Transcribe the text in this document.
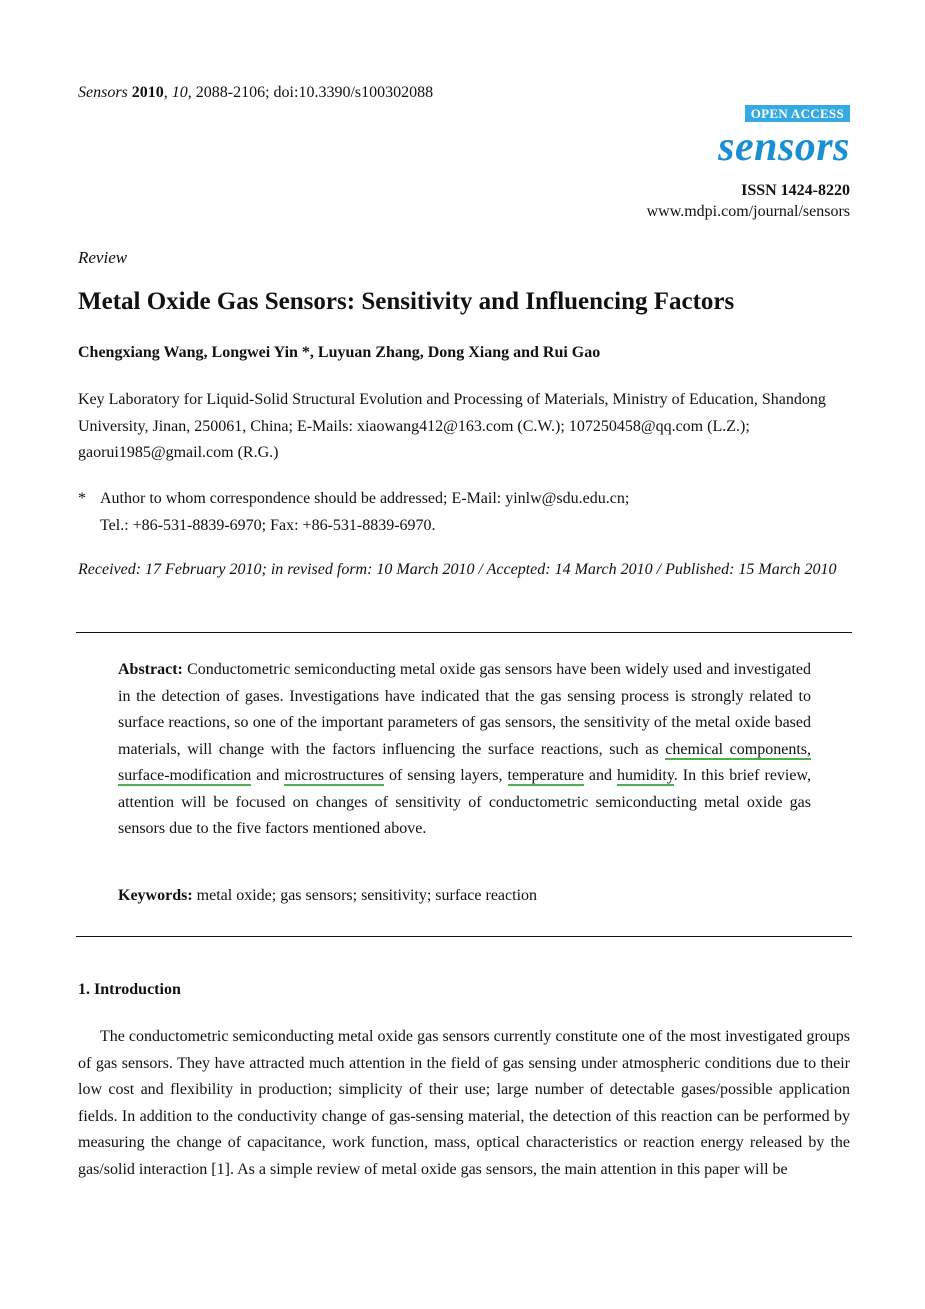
Sensors 2010, 10, 2088-2106; doi:10.3390/s100302088
OPEN ACCESS
sensors
ISSN 1424-8220
www.mdpi.com/journal/sensors
Review
Metal Oxide Gas Sensors: Sensitivity and Influencing Factors
Chengxiang Wang, Longwei Yin *, Luyuan Zhang, Dong Xiang and Rui Gao
Key Laboratory for Liquid-Solid Structural Evolution and Processing of Materials, Ministry of Education, Shandong University, Jinan, 250061, China; E-Mails: xiaowang412@163.com (C.W.); 107250458@qq.com (L.Z.); gaorui1985@gmail.com (R.G.)
* Author to whom correspondence should be addressed; E-Mail: yinlw@sdu.edu.cn;
Tel.: +86-531-8839-6970; Fax: +86-531-8839-6970.
Received: 17 February 2010; in revised form: 10 March 2010 / Accepted: 14 March 2010 / Published: 15 March 2010
Abstract: Conductometric semiconducting metal oxide gas sensors have been widely used and investigated in the detection of gases. Investigations have indicated that the gas sensing process is strongly related to surface reactions, so one of the important parameters of gas sensors, the sensitivity of the metal oxide based materials, will change with the factors influencing the surface reactions, such as chemical components, surface-modification and microstructures of sensing layers, temperature and humidity. In this brief review, attention will be focused on changes of sensitivity of conductometric semiconducting metal oxide gas sensors due to the five factors mentioned above.
Keywords: metal oxide; gas sensors; sensitivity; surface reaction
1. Introduction

The conductometric semiconducting metal oxide gas sensors currently constitute one of the most investigated groups of gas sensors. They have attracted much attention in the field of gas sensing under atmospheric conditions due to their low cost and flexibility in production; simplicity of their use; large number of detectable gases/possible application fields. In addition to the conductivity change of gas-sensing material, the detection of this reaction can be performed by measuring the change of capacitance, work function, mass, optical characteristics or reaction energy released by the gas/solid interaction [1]. As a simple review of metal oxide gas sensors, the main attention in this paper will be
